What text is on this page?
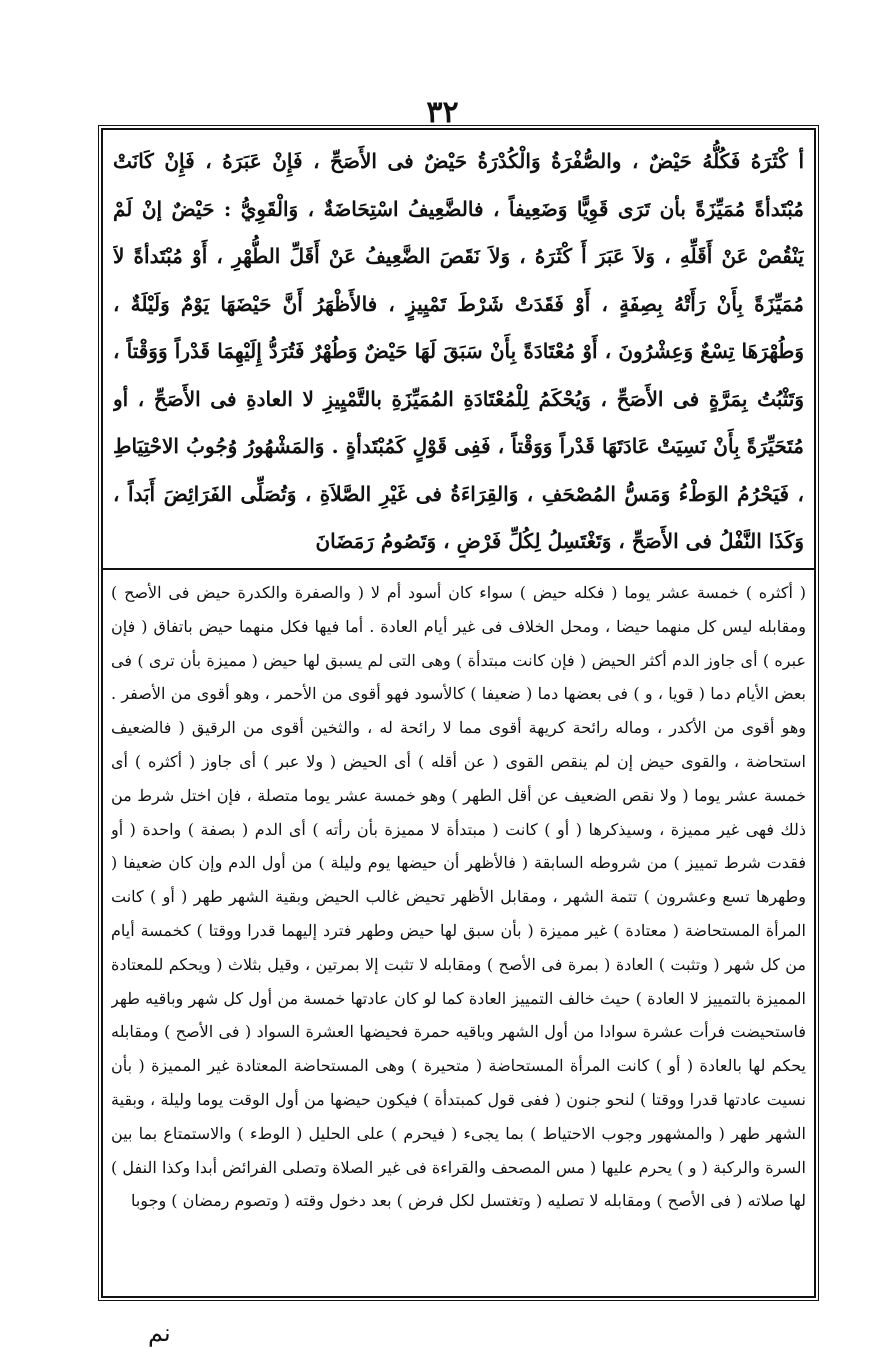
٣٢

أ كْثَرَهُ فَكُلُّهُ حَيْضٌ ، والصُّفْرَةُ وَالْكُدْرَةُ حَيْضٌ فى الأَصَحِّ ، فَإِنْ عَبَرَهُ ، فَإِنْ كَانَتْ مُبْتَدأةً مُمَيِّزَةً بأن تَرَى قَوِيًّا وَضَعِيفاً ، فالضَّعِيفُ اسْتِحَاضَةٌ ، وَالْقَوِيُّ : حَيْضٌ إنْ لَمْ يَنْقُصْ عَنْ أَقَلِّهِ ، وَلاَ عَبَرَ أَ كْثَرَهُ ، وَلاَ نَقَصَ الضَّعِيفُ عَنْ أَقَلِّ الطُّهْرِ ، أَوْ مُبْتَدأةً لاَ مُمَيِّزَةً بِأَنْ رَأَتْهُ بِصِفَةٍ ، أَوْ فَقَدَتْ شَرْطَ تَمْيِيزٍ ، فالأَظْهَرُ أَنَّ حَيْضَهَا يَوْمٌ وَلَيْلَةٌ ، وَطُهْرَهَا تِسْعٌ وَعِشْرُونَ ، أَوْ مُعْتَادَةً بِأَنْ سَبَقَ لَهَا حَيْضٌ وَطُهْرٌ فَتُرَدُّ إِلَيْهِمَا قَدْراً وَوَقْتاً ، وَتَثْبُتُ بِمَرَّةٍ فى الأَصَحِّ ، وَيُحْكَمُ لِلْمُعْتَادَةِ المُمَيِّزَةِ بالتَّمْيِيزِ لا العادةِ فى الأَصَحِّ ، أو مُتَحَيِّرَةً بِأَنْ نَسِيَتْ عَادَتَهَا قَدْراً وَوَقْتاً ، فَفِى قَوْلٍ كَمُبْتَدأةٍ . وَالمَشْهُورُ وُجُوبُ الاحْتِيَاطِ ، فَيَحْرُمُ الوَطْءُ وَمَسُّ المُصْحَفِ ، وَالقِرَاءَةُ فى غَيْرِ الصَّلاَةِ ، وَتُصَلِّى الفَرَائِضَ أَبَداً ، وَكَذَا النَّفْلُ فى الأَصَحِّ ، وَتَغْتَسِلُ لِكُلِّ فَرْضٍ ، وَتَصُومُ رَمَضَانَ

( أكثره ) خمسة عشر يوما ( فكله حيض ) سواء كان أسود أم لا ( والصفرة والكدرة حيض فى الأصح ) ومقابله ليس كل منهما حيضا ، ومحل الخلاف فى غير أيام العادة . أما فيها فكل منهما حيض باتفاق ( فإن عبره ) أى جاوز الدم أكثر الحيض ( فإن كانت مبتدأة ) وهى التى لم يسبق لها حيض ( مميزة بأن ترى ) فى بعض الأيام دما ( قويا ، و ) فى بعضها دما ( ضعيفا ) كالأسود فهو أقوى من الأحمر ، وهو أقوى من الأصفر . وهو أقوى من الأكدر ، وماله رائحة كريهة أقوى مما لا رائحة له ، والثخين أقوى من الرقيق ( فالضعيف استحاضة ، والقوى حيض إن لم ينقص القوى ( عن أقله ) أى الحيض ( ولا عبر ) أى جاوز ( أكثره ) أى خمسة عشر يوما ( ولا نقص الضعيف عن أقل الطهر ) وهو خمسة عشر يوما متصلة ، فإن اختل شرط من ذلك فهى غير مميزة ، وسيذكرها ( أو ) كانت ( مبتدأة لا مميزة بأن رأته ) أى الدم ( بصفة ) واحدة ( أو فقدت شرط تمييز ) من شروطه السابقة ( فالأظهر أن حيضها يوم وليلة ) من أول الدم وإن كان ضعيفا ( وطهرها تسع وعشرون ) تتمة الشهر ، ومقابل الأظهر تحيض غالب الحيض وبقية الشهر طهر ( أو ) كانت المرأة المستحاضة ( معتادة ) غير مميزة ( بأن سبق لها حيض وطهر فترد إليهما قدرا ووقتا ) كخمسة أيام من كل شهر ( وتثبت ) العادة ( بمرة فى الأصح ) ومقابله لا تثبت إلا بمرتين ، وقيل بثلاث ( ويحكم للمعتادة المميزة بالتمييز لا العادة ) حيث خالف التمييز العادة كما لو كان عادتها خمسة من أول كل شهر وباقيه طهر فاستحيضت فرأت عشرة سوادا من أول الشهر وباقيه حمرة فحيضها العشرة السواد ( فى الأصح ) ومقابله يحكم لها بالعادة ( أو ) كانت المرأة المستحاضة ( متحيرة ) وهى المستحاضة المعتادة غير المميزة ( بأن نسيت عادتها قدرا ووقتا ) لنحو جنون ( ففى قول كمبتدأة ) فيكون حيضها من أول الوقت يوما وليلة ، وبقية الشهر طهر ( والمشهور وجوب الاحتياط ) بما يجىء ( فيحرم ) على الحليل ( الوطء ) والاستمتاع بما بين السرة والركبة ( و ) يحرم عليها ( مس المصحف والقراءة فى غير الصلاة وتصلى الفرائض أبدا وكذا النفل ) لها صلاته ( فى الأصح ) ومقابله لا تصليه ( وتغتسل لكل فرض ) بعد دخول وقته ( وتصوم رمضان ) وجوبا

نم
